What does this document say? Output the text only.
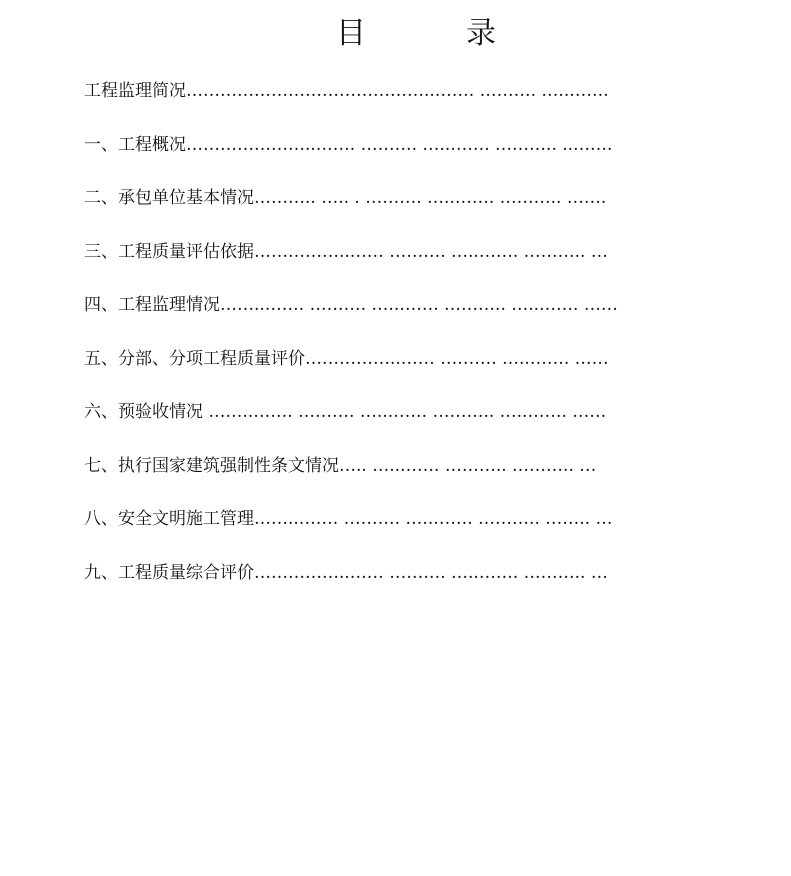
目	录
工程监理简况……………………………………..……. ………. …..…….
一、工程概况…………………..……. ………. …..……. ……….. ..…….
二、承包单位基本情况……….. ….. . ………. …..……. ……….. …….
三、工程质量评估依据……………..…… ………. …..……. ……….. …
四、工程监理情况……..……. ………. …..……. ……….. …..……. ……
五、分部、分项工程质量评价……………..…… ………. …..……. ……
六、预验收情况 ……..……. ………. …..……. ……….. …..……. ……
七、执行国家建筑强制性条文情况….. …..……. ……….. ……….. …
八、安全文明施工管理……..……. ………. …..……. ……….. …….. …
九、工程质量综合评价……………..…… ………. …..……. ……….. …
